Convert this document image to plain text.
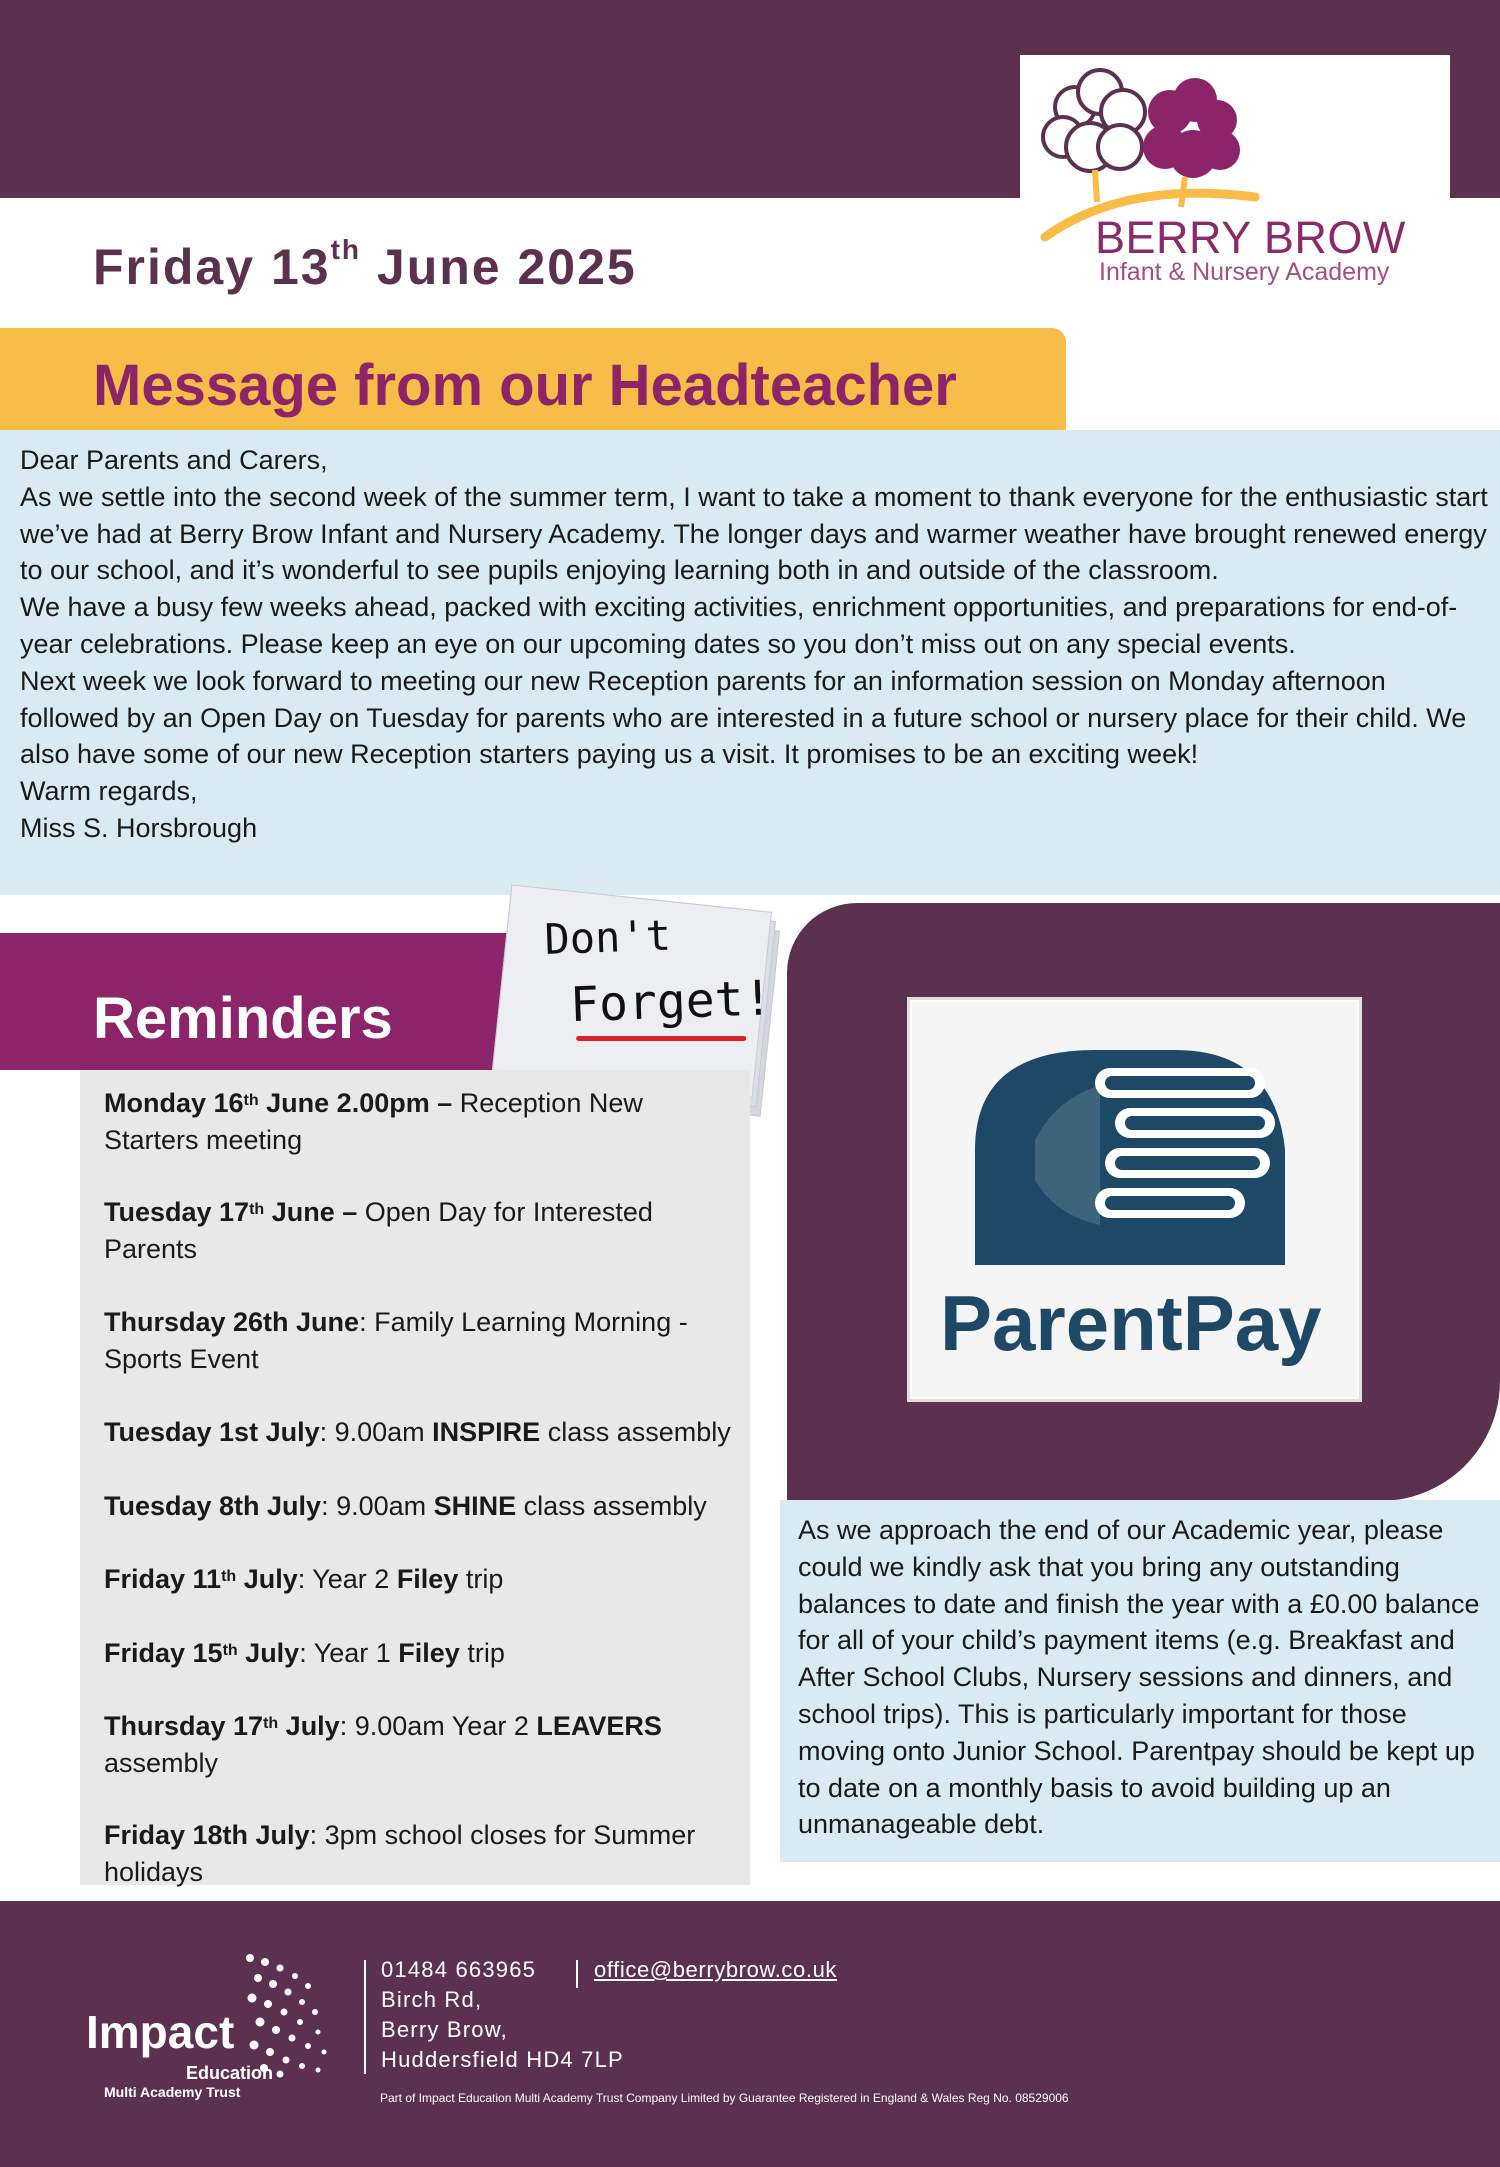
BERRY BROW
Infant & Nursery Academy
Friday 13th June 2025
Message from our Headteacher

Dear Parents and Carers,

As we settle into the second week of the summer term, I want to take a moment to thank everyone for the enthusiastic start we’ve had at Berry Brow Infant and Nursery Academy. The longer days and warmer weather have brought renewed energy to our school, and it’s wonderful to see pupils enjoying learning both in and outside of the classroom.

We have a busy few weeks ahead, packed with exciting activities, enrichment opportunities, and preparations for end-of-year celebrations. Please keep an eye on our upcoming dates so you don’t miss out on any special events.

Next week we look forward to meeting our new Reception parents for an information session on Monday afternoon followed by an Open Day on Tuesday for parents who are interested in a future school or nursery place for their child. We also have some of our new Reception starters paying us a visit. It promises to be an exciting week!

Warm regards,

Miss S. Horsbrough

Reminders
Don't
Forget!
Monday 16th June 2.00pm – Reception New Starters meeting
Tuesday 17th June – Open Day for Interested Parents
Thursday 26th June: Family Learning Morning - Sports Event
Tuesday 1st July: 9.00am INSPIRE class assembly
Tuesday 8th July: 9.00am SHINE class assembly
Friday 11th July: Year 2 Filey trip
Friday 15th July: Year 1 Filey trip
Thursday 17th July: 9.00am Year 2 LEAVERS assembly
Friday 18th July: 3pm school closes for Summer holidays
ParentPay
As we approach the end of our Academic year, please could we kindly ask that you bring any outstanding balances to date and finish the year with a £0.00 balance for all of your child’s payment items (e.g. Breakfast and After School Clubs, Nursery sessions and dinners, and school trips). This is particularly important for those moving onto Junior School. Parentpay should be kept up to date on a monthly basis to avoid building up an unmanageable debt.
Impact
Education
Multi Academy Trust
01484 663965	office@berrybrow.co.uk
Birch Rd,
Berry Brow,
Huddersfield HD4 7LP
Part of Impact Education Multi Academy Trust Company Limited by Guarantee Registered in England & Wales Reg No. 08529006
